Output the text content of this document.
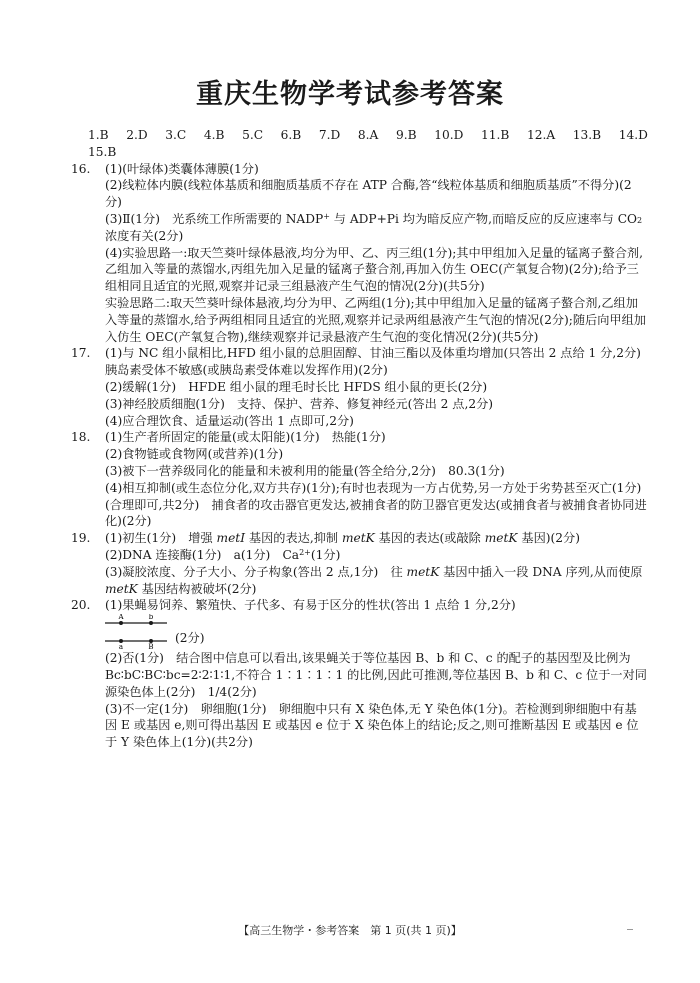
重庆生物学考试参考答案
1.B 2.D 3.C 4.B 5.C 6.B 7.D 8.A 9.B 10.D 11.B 12.A 13.B 14.D
15.B
16. (1)(叶绿体)类囊体薄膜(1分)
(2)线粒体内膜(线粒体基质和细胞质基质不存在 ATP 合酶,答“线粒体基质和细胞质基质”不得分)(2分)
(3)Ⅱ(1分)　光系统工作所需要的 NADP+ 与 ADP+Pi 均为暗反应产物,而暗反应的反应速率与 CO2 浓度有关(2分)
(4)实验思路一:取天竺葵叶绿体悬液,均分为甲、乙、丙三组(1分);其中甲组加入足量的锰离子螯合剂,乙组加入等量的蒸馏水,丙组先加入足量的锰离子螯合剂,再加入仿生 OEC(产氧复合物)(2分);给予三组相同且适宜的光照,观察并记录三组悬液产生气泡的情况(2分)(共5分)
实验思路二:取天竺葵叶绿体悬液,均分为甲、乙两组(1分);其中甲组加入足量的锰离子螯合剂,乙组加入等量的蒸馏水,给予两组相同且适宜的光照,观察并记录两组悬液产生气泡的情况(2分);随后向甲组加入仿生 OEC(产氧复合物),继续观察并记录悬液产生气泡的变化情况(2分)(共5分)
17. (1)与 NC 组小鼠相比,HFD 组小鼠的总胆固醇、甘油三酯以及体重均增加(只答出 2 点给 1 分,2分)　胰岛素受体不敏感(或胰岛素受体难以发挥作用)(2分)
(2)缓解(1分)　HFDE 组小鼠的理毛时长比 HFDS 组小鼠的更长(2分)
(3)神经胶质细胞(1分)　支持、保护、营养、修复神经元(答出 2 点,2分)
(4)应合理饮食、适量运动(答出 1 点即可,2分)
18. (1)生产者所固定的能量(或太阳能)(1分)　热能(1分)
(2)食物链或食物网(或营养)(1分)
(3)被下一营养级同化的能量和未被利用的能量(答全给分,2分)　80.3(1分)
(4)相互抑制(或生态位分化,双方共存)(1分);有时也表现为一方占优势,另一方处于劣势甚至灭亡(1分)(合理即可,共2分)　捕食者的攻击器官更发达,被捕食者的防卫器官更发达(或捕食者与被捕食者协同进化)(2分)
19. (1)初生(1分)　增强 metI 基因的表达,抑制 metK 基因的表达(或敲除 metK 基因)(2分)
(2)DNA 连接酶(1分)　a(1分)　$Ca^{2+}(1$分)
(3)凝胶浓度、分子大小、分子构象(答出 2 点,1分)　往 metK 基因中插入一段 DNA 序列,从而使原 metK 基因结构被破坏(2分)
20. (1)果蝇易饲养、繁殖快、子代多、有易于区分的性状(答出 1 点给 1 分,2分)
A	b
a	B
(2分)
(2)否(1分)　结合图中信息可以看出,该果蝇关于等位基因 B、b 和 C、c 的配子的基因型及比例为 Bc∶bC∶BC∶bc=2∶2∶1∶1,不符合 1∶1∶1∶1 的比例,因此可推测,等位基因 B、b 和 C、c 位于一对同源染色体上(2分)　1/4(2分)
(3)不一定(1分)　卵细胞(1分)　卵细胞中只有 X 染色体,无 Y 染色体(1分)。若检测到卵细胞中有基因 E 或基因 e,则可得出基因 E 或基因 e 位于 X 染色体上的结论;反之,则可推断基因 E 或基因 e 位于 Y 染色体上(1分)(共2分)
【高三生物学・参考答案　第 1 页(共 1 页)】
